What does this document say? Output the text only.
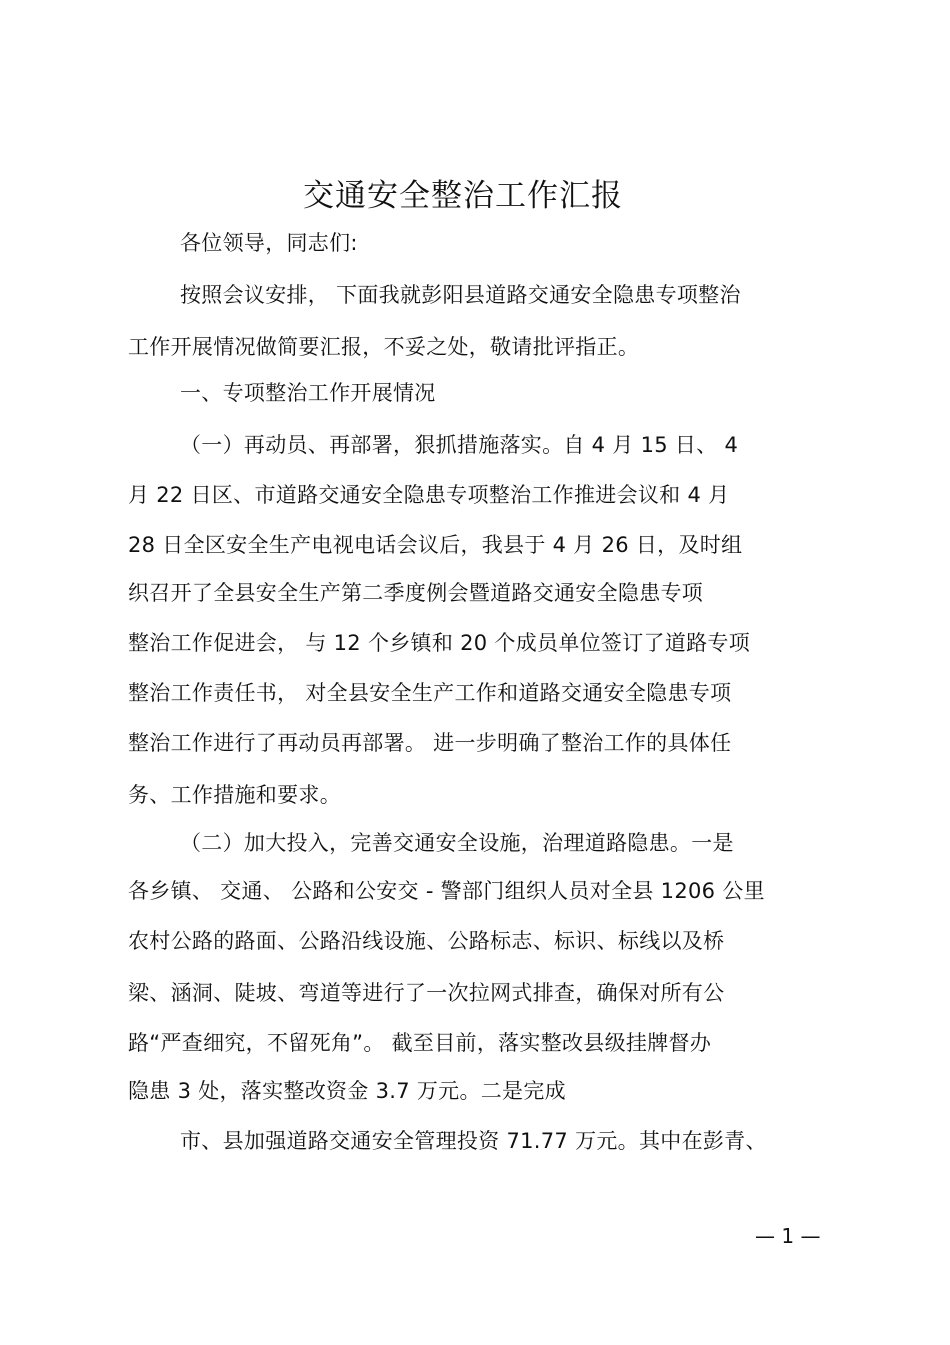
交通安全整治工作汇报
各位领导，同志们:
按照会议安排， 下面我就彭阳县道路交通安全隐患专项整治
工作开展情况做简要汇报，不妥之处，敬请批评指正。
一、专项整治工作开展情况
（一）再动员、再部署，狠抓措施落实。自 4 月 15 日、 4
月 22 日区、市道路交通安全隐患专项整治工作推进会议和 4 月
28 日全区安全生产电视电话会议后，我县于 4 月 26 日，及时组
织召开了全县安全生产第二季度例会暨道路交通安全隐患专项
整治工作促进会， 与 12 个乡镇和 20 个成员单位签订了道路专项
整治工作责任书， 对全县安全生产工作和道路交通安全隐患专项
整治工作进行了再动员再部署。 进一步明确了整治工作的具体任
务、工作措施和要求。
（二）加大投入，完善交通安全设施，治理道路隐患。一是
各乡镇、 交通、 公路和公安交 - 警部门组织人员对全县 1206 公里
农村公路的路面、公路沿线设施、公路标志、标识、标线以及桥
梁、涵洞、陡坡、弯道等进行了一次拉网式排查，确保对所有公
路“严查细究，不留死角”。 截至目前，落实整改县级挂牌督办
隐患 3 处，落实整改资金 3.7 万元。二是完成
市、县加强道路交通安全管理投资 71.77 万元。其中在彭青、
— 1 —
